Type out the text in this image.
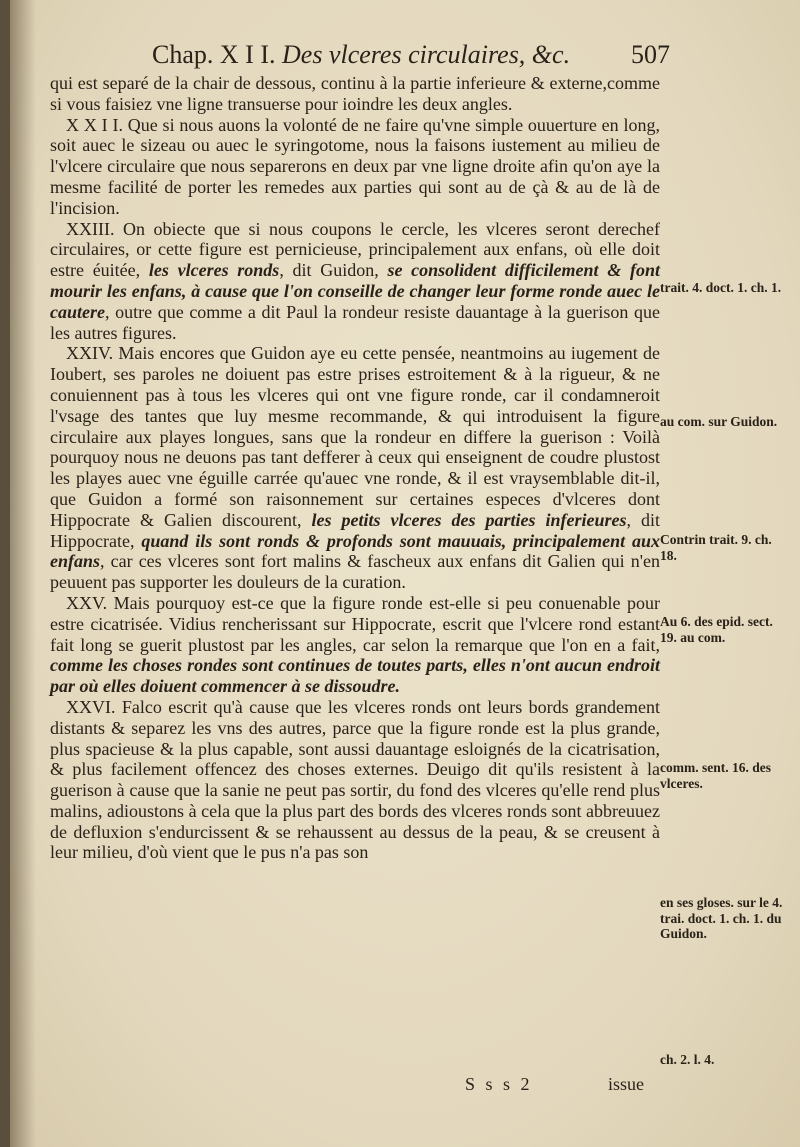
Chap. X I I. Des vlceres circulaires, &c. 507

qui est separé de la chair de dessous, continu à la partie inferieure & externe,comme si vous faisiez vne ligne transuerse pour ioindre les deux angles.

X X I I. Que si nous auons la volonté de ne faire qu'vne simple ouuerture en long, soit auec le sizeau ou auec le syringotome, nous la faisons iustement au milieu de l'vlcere circulaire que nous separerons en deux par vne ligne droite afin qu'on aye la mesme facilité de porter les remedes aux parties qui sont au de çà & au de là de l'incision.

XXIII. On obiecte que si nous coupons le cercle, les vlceres seront derechef circulaires, or cette figure est pernicieuse, principalement aux enfans, où elle doit estre éuitée, les vlceres ronds, dit Guidon, se consolident difficilement & font mourir les enfans, à cause que l'on conseille de changer leur forme ronde auec le cautere, outre que comme a dit Paul la rondeur resiste dauantage à la guerison que les autres figures.

XXIV. Mais encores que Guidon aye eu cette pensée, neantmoins au iugement de Ioubert, ses paroles ne doiuent pas estre prises estroitement & à la rigueur, & ne conuiennent pas à tous les vlceres qui ont vne figure ronde, car il condamneroit l'vsage des tantes que luy mesme recommande, & qui introduisent la figure circulaire aux playes longues, sans que la rondeur en differe la guerison : Voilà pourquoy nous ne deuons pas tant defferer à ceux qui enseignent de coudre plustost les playes auec vne éguille carrée qu'auec vne ronde, & il est vraysemblable dit-il, que Guidon a formé son raisonnement sur certaines especes d'vlceres dont Hippocrate & Galien discourent, les petits vlceres des parties inferieures, dit Hippocrate, quand ils sont ronds & profonds sont mauuais, principalement aux enfans, car ces vlceres sont fort malins & fascheux aux enfans dit Galien qui n'en peuuent pas supporter les douleurs de la curation.

XXV. Mais pourquoy est-ce que la figure ronde est-elle si peu conuenable pour estre cicatrisée. Vidius rencherissant sur Hippocrate, escrit que l'vlcere rond estant fait long se guerit plustost par les angles, car selon la remarque que l'on en a fait, comme les choses rondes sont continues de toutes parts, elles n'ont aucun endroit par où elles doiuent commencer à se dissoudre.

XXVI. Falco escrit qu'à cause que les vlceres ronds ont leurs bords grandement distants & separez les vns des autres, parce que la figure ronde est la plus grande, plus spacieuse & la plus capable, sont aussi dauantage esloignés de la cicatrisation, & plus facilement offencez des choses externes. Deuigo dit qu'ils resistent à la guerison à cause que la sanie ne peut pas sortir, du fond des vlceres qu'elle rend plus malins, adioustons à cela que la plus part des bords des vlceres ronds sont abbreuuez de defluxion s'endurcissent & se rehaussent au dessus de la peau, & se creusent à leur milieu, d'où vient que le pus n'a pas son

trait. 4. doct. 1. ch. 1.
au com. sur Guidon.
Contrin trait. 9. ch. 18.
Au 6. des epid. sect. 19. au com.
comm. sent. 16. des vlceres.
en ses gloses. sur le 4. trai. doct. 1. ch. 1. du Guidon.
ch. 2. l. 4.
S s s 2	issue
